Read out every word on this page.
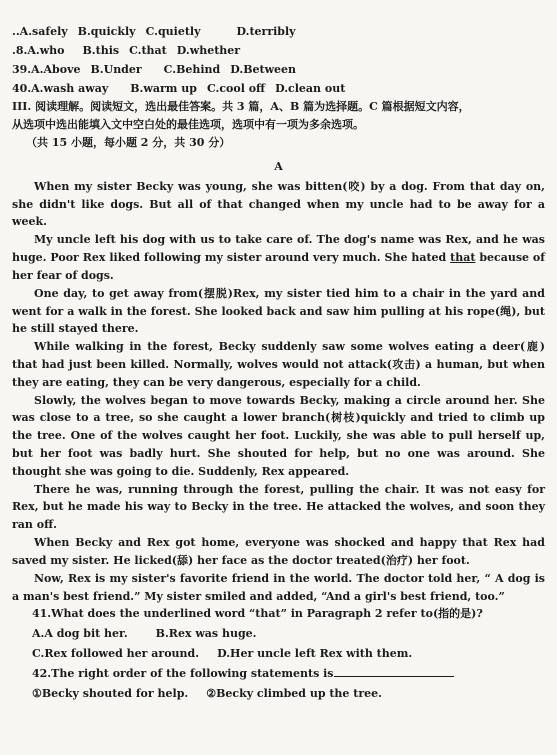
.. A.safely B.quickly C.quietly	D.terribly
.8. A.who B.this C.that D.whether
39. A.Above B.Under C.Behind D.Between
40. A.wash away B.warm up C.cool off D.clean out
III. 阅读理解。阅读短文，选出最佳答案。共 3 篇，A、B 篇为选择题。C 篇根据短文内容，
从选项中选出能填入文中空白处的最佳选项，选项中有一项为多余选项。
（共 15 小题，每小题 2 分，共 30 分）
A

When my sister Becky was young, she was bitten(咬) by a dog. From that day on, she didn't like dogs. But all of that changed when my uncle had to be away for a week.

My uncle left his dog with us to take care of. The dog's name was Rex, and he was huge. Poor Rex liked following my sister around very much. She hated that because of her fear of dogs.

One day, to get away from(摆脱)Rex, my sister tied him to a chair in the yard and went for a walk in the forest. She looked back and saw him pulling at his rope(绳), but he still stayed there.

While walking in the forest, Becky suddenly saw some wolves eating a deer(鹿) that had just been killed. Normally, wolves would not attack(攻击) a human, but when they are eating, they can be very dangerous, especially for a child.

Slowly, the wolves began to move towards Becky, making a circle around her. She was close to a tree, so she caught a lower branch(树枝)quickly and tried to climb up the tree. One of the wolves caught her foot. Luckily, she was able to pull herself up, but her foot was badly hurt. She shouted for help, but no one was around. She thought she was going to die. Suddenly, Rex appeared.

There he was, running through the forest, pulling the chair. It was not easy for Rex, but he made his way to Becky in the tree. He attacked the wolves, and soon they ran off.

When Becky and Rex got home, everyone was shocked and happy that Rex had saved my sister. He licked(舔) her face as the doctor treated(治疗) her foot.

Now, Rex is my sister's favorite friend in the world. The doctor told her, “ A dog is a man's best friend.” My sister smiled and added, “And a girl's best friend, too.”

41.What does the underlined word “that” in Paragraph 2 refer to(指的是)?
A.A dog bit her.	B.Rex was huge.
C.Rex followed her around. D.Her uncle left Rex with them.
42.The right order of the following statements is
①Becky shouted for help. ②Becky climbed up the tree.
